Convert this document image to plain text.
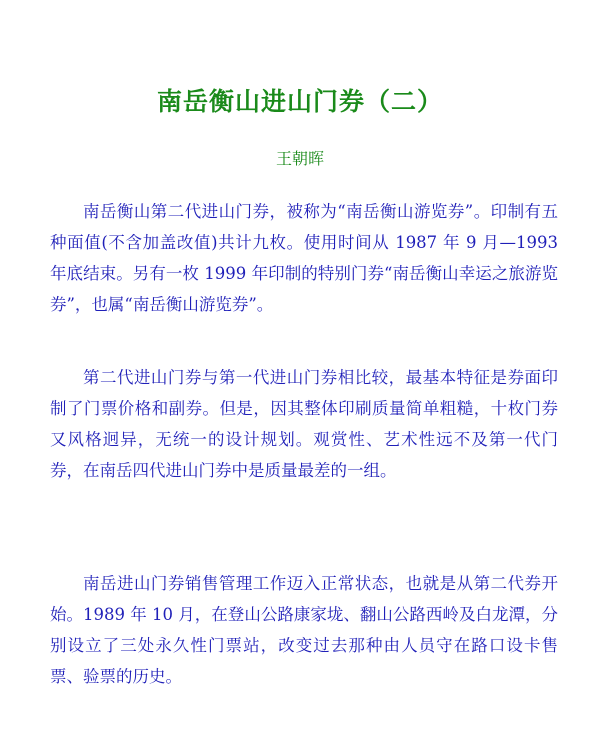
南岳衡山进山门券（二）

王朝晖

南岳衡山第二代进山门券，被称为“南岳衡山游览券”。印制有五种面值(不含加盖改值)共计九枚。使用时间从 1987 年 9 月—1993 年底结束。另有一枚 1999 年印制的特别门券“南岳衡山幸运之旅游览券”，也属“南岳衡山游览券”。

第二代进山门券与第一代进山门券相比较，最基本特征是券面印制了门票价格和副券。但是，因其整体印刷质量简单粗糙，十枚门券又风格迥异，无统一的设计规划。观赏性、艺术性远不及第一代门券，在南岳四代进山门券中是质量最差的一组。

南岳进山门券销售管理工作迈入正常状态，也就是从第二代券开始。1989 年 10 月，在登山公路康家垅、翻山公路西岭及白龙潭，分别设立了三处永久性门票站，改变过去那种由人员守在路口设卡售票、验票的历史。
